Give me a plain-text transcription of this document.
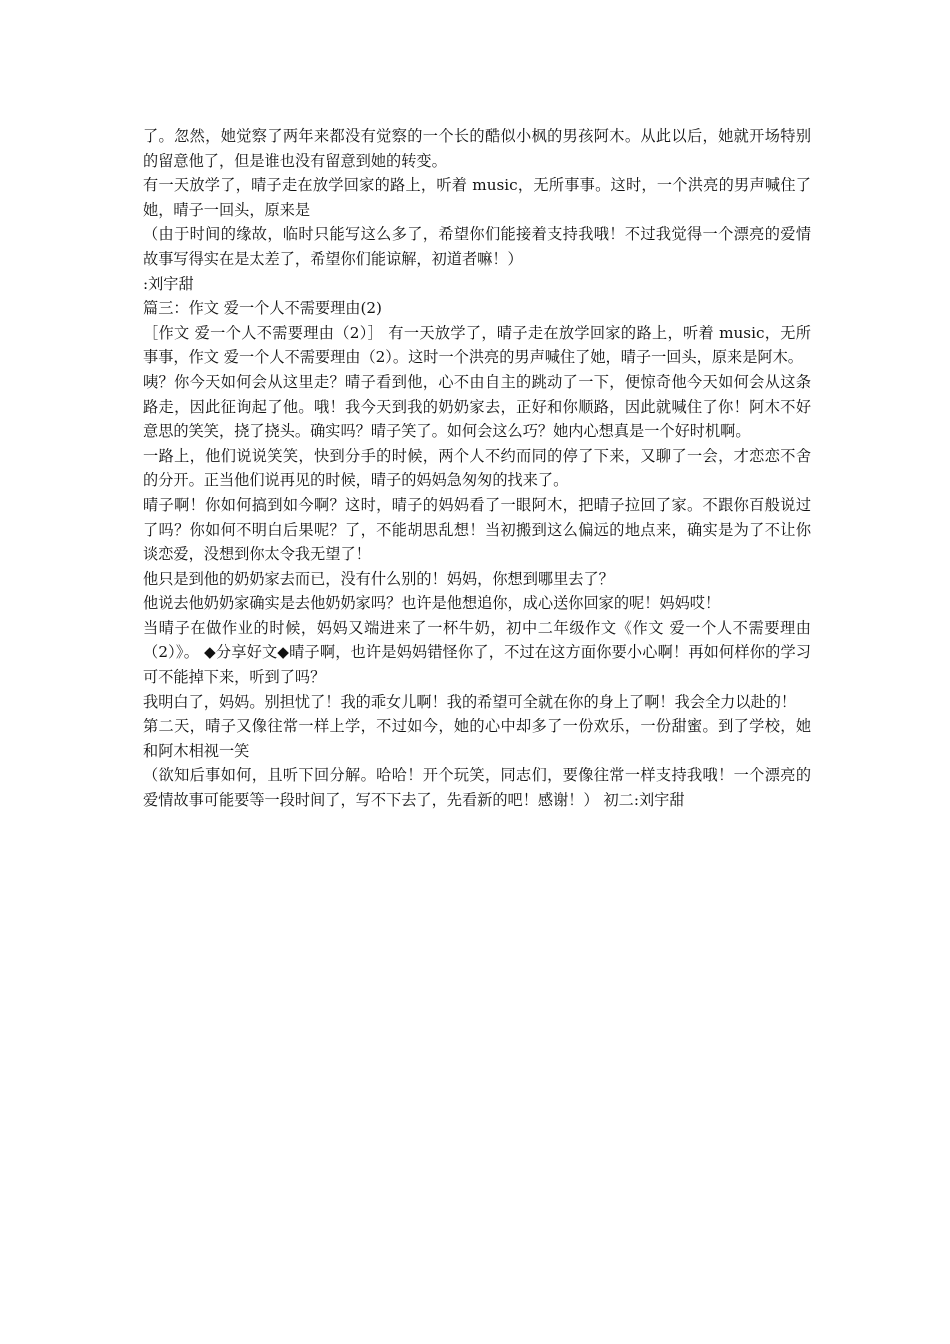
了。忽然，她觉察了两年来都没有觉察的一个长的酷似小枫的男孩阿木。从此以后，她就开场特别的留意他了，但是谁也没有留意到她的转变。

有一天放学了，晴子走在放学回家的路上，听着 music，无所事事。这时，一个洪亮的男声喊住了她，晴子一回头，原来是

（由于时间的缘故，临时只能写这么多了，希望你们能接着支持我哦！不过我觉得一个漂亮的爱情故事写得实在是太差了，希望你们能谅解，初道者嘛！）

:刘宇甜

篇三：作文 爱一个人不需要理由(2)

［作文 爱一个人不需要理由（2）］ 有一天放学了，晴子走在放学回家的路上，听着 music，无所事事，作文 爱一个人不需要理由（2）。这时一个洪亮的男声喊住了她，晴子一回头，原来是阿木。

咦？你今天如何会从这里走？晴子看到他，心不由自主的跳动了一下，便惊奇他今天如何会从这条路走，因此征询起了他。哦！我今天到我的奶奶家去，正好和你顺路，因此就喊住了你！阿木不好意思的笑笑，挠了挠头。确实吗？晴子笑了。如何会这么巧？她内心想真是一个好时机啊。

一路上，他们说说笑笑，快到分手的时候，两个人不约而同的停了下来，又聊了一会，才恋恋不舍的分开。正当他们说再见的时候，晴子的妈妈急匆匆的找来了。

晴子啊！你如何搞到如今啊？这时，晴子的妈妈看了一眼阿木，把晴子拉回了家。不跟你百般说过了吗？你如何不明白后果呢？了，不能胡思乱想！当初搬到这么偏远的地点来，确实是为了不让你谈恋爱，没想到你太令我无望了！

他只是到他的奶奶家去而已，没有什么别的！妈妈，你想到哪里去了？

他说去他奶奶家确实是去他奶奶家吗？也许是他想追你，成心送你回家的呢！妈妈哎！

当晴子在做作业的时候，妈妈又端进来了一杯牛奶，初中二年级作文《作文 爱一个人不需要理由（2）》。 ◆分享好文◆晴子啊，也许是妈妈错怪你了，不过在这方面你要小心啊！再如何样你的学习可不能掉下来，听到了吗？

我明白了，妈妈。别担忧了！我的乖女儿啊！我的希望可全就在你的身上了啊！我会全力以赴的！

第二天，晴子又像往常一样上学，不过如今，她的心中却多了一份欢乐，一份甜蜜。到了学校，她和阿木相视一笑

（欲知后事如何，且听下回分解。哈哈！开个玩笑，同志们，要像往常一样支持我哦！一个漂亮的爱情故事可能要等一段时间了，写不下去了，先看新的吧！感谢！） 初二:刘宇甜
